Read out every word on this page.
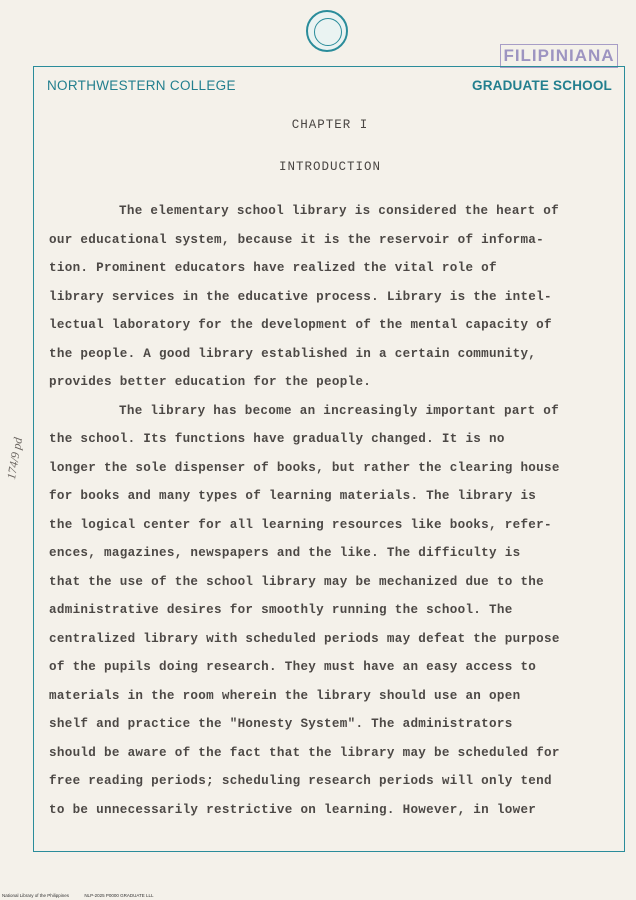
FILIPINIANA
NORTHWESTERN COLLEGE	GRADUATE SCHOOL
CHAPTER I
INTRODUCTION
The elementary school library is considered the heart of
our educational system, because it is the reservoir of informa-
tion. Prominent educators have realized the vital role of
library services in the educative process. Library is the intel-
lectual laboratory for the development of the mental capacity of
the people. A good library established in a certain community,
provides better education for the people.
The library has become an increasingly important part of
the school. Its functions have gradually changed. It is no
longer the sole dispenser of books, but rather the clearing house
for books and many types of learning materials. The library is
the logical center for all learning resources like books, refer-
ences, magazines, newspapers and the like. The difficulty is
that the use of the school library may be mechanized due to the
administrative desires for smoothly running the school. The
centralized library with scheduled periods may defeat the purpose
of the pupils doing research. They must have an easy access to
materials in the room wherein the library should use an open
shelf and practice the "Honesty System". The administrators
should be aware of the fact that the library may be scheduled for
free reading periods; scheduling research periods will only tend
to be unnecessarily restrictive on learning. However, in lower
174/9 pd
National Library of the Philippines	NLP-2025 P0000 GRADUATE LLL
